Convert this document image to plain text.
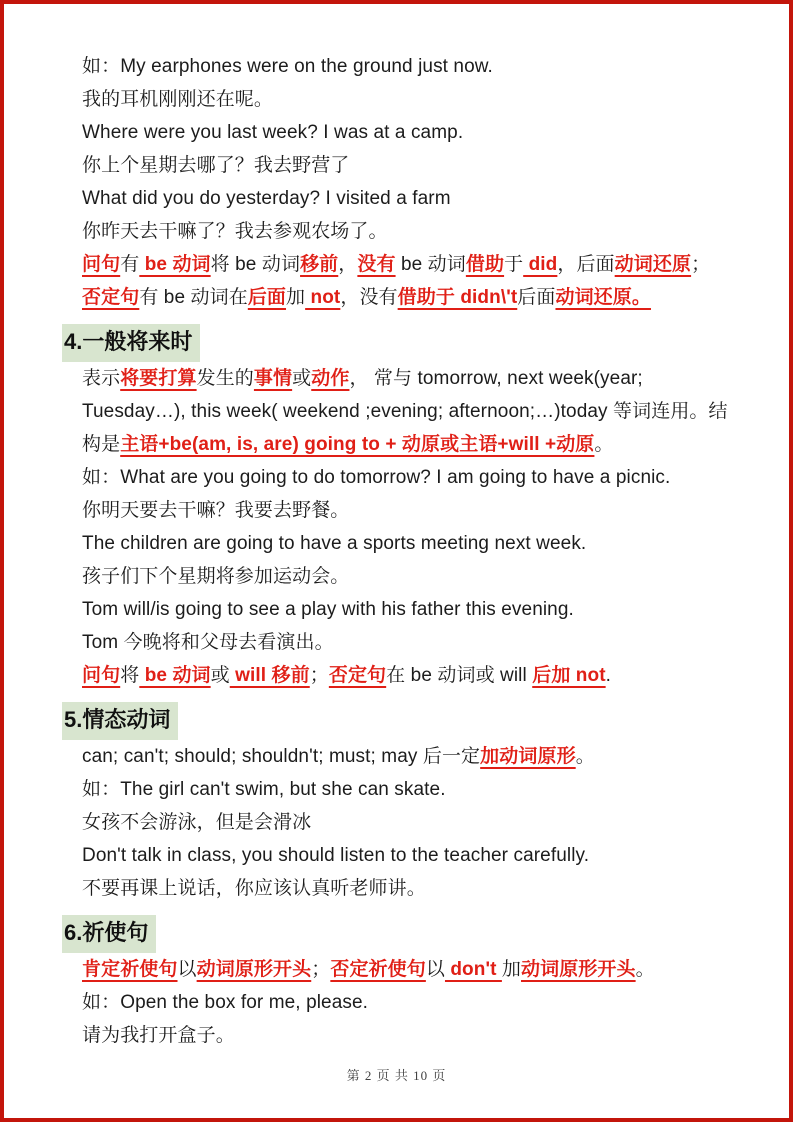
如：My earphones were on the ground just now.
我的耳机刚刚还在呢。
Where were you last week? I was at a camp.
你上个星期去哪了？我去野营了
What did you do yesterday? I visited a farm
你昨天去干嘛了？我去参观农场了。
问句有 be 动词将 be 动词移前，没有 be 动词借助于 did，后面动词还原；
否定句有 be 动词在后面加 not，没有借助于 didn\'t后面动词还原。
4.一般将来时
表示将要打算发生的事情或动作， 常与 tomorrow, next week(year;
Tuesday…), this week( weekend ;evening; afternoon;…)today 等词连用。结
构是主语+be(am, is, are) going to + 动原或主语+will +动原。
如：What are you going to do tomorrow? I am going to have a picnic.
你明天要去干嘛？我要去野餐。
The children are going to have a sports meeting next week.
孩子们下个星期将参加运动会。
Tom will/is going to see a play with his father this evening.
Tom 今晚将和父母去看演出。
问句将 be 动词或 will 移前；否定句在 be 动词或 will 后加 not.
5.情态动词
can; can't; should; shouldn't; must; may 后一定加动词原形。
如：The girl can't swim, but she can skate.
女孩不会游泳，但是会滑冰
Don't talk in class, you should listen to the teacher carefully.
不要再课上说话，你应该认真听老师讲。
6.祈使句
肯定祈使句以动词原形开头；否定祈使句以 don't 加动词原形开头。
如：Open the box for me, please.
请为我打开盒子。
第 2 页 共 10 页
